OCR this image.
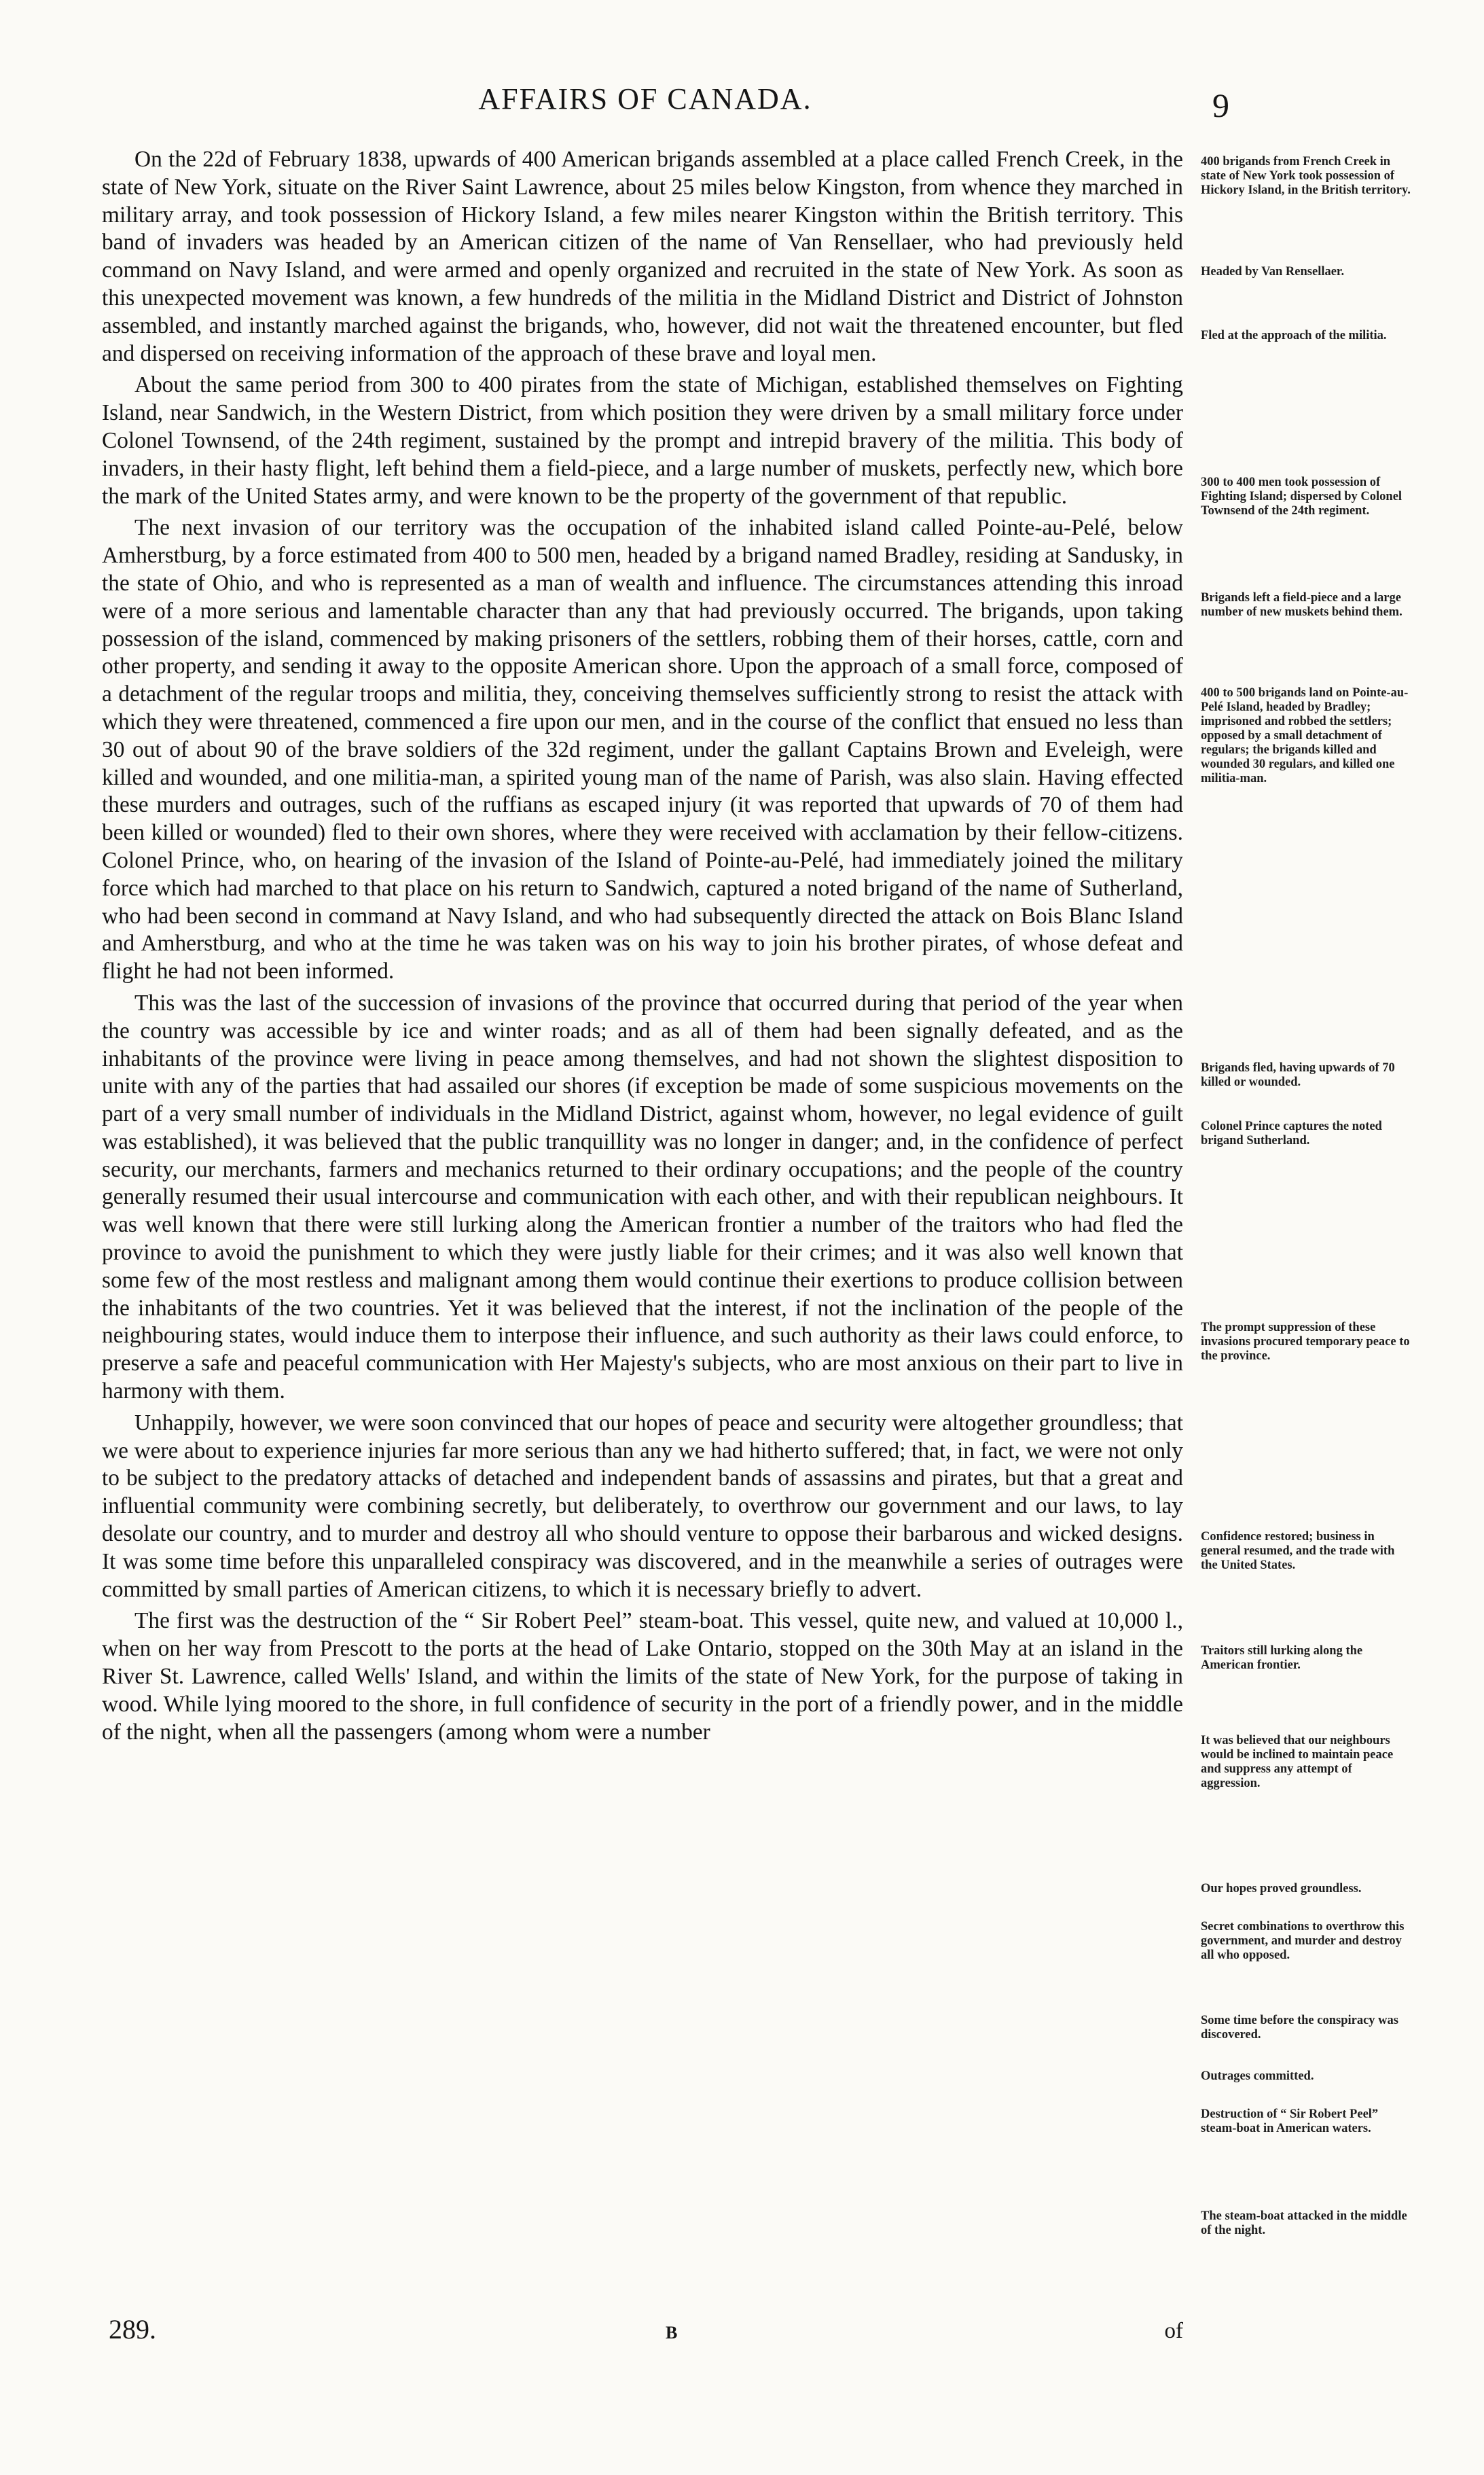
AFFAIRS OF CANADA.	9

On the 22d of February 1838, upwards of 400 American brigands assembled at a place called French Creek, in the state of New York, situate on the River Saint Lawrence, about 25 miles below Kingston, from whence they marched in military array, and took possession of Hickory Island, a few miles nearer Kingston within the British territory. This band of invaders was headed by an American citizen of the name of Van Rensellaer, who had previously held command on Navy Island, and were armed and openly organized and recruited in the state of New York. As soon as this unexpected movement was known, a few hundreds of the militia in the Midland District and District of Johnston assembled, and instantly marched against the brigands, who, however, did not wait the threatened encounter, but fled and dispersed on receiving information of the approach of these brave and loyal men.

About the same period from 300 to 400 pirates from the state of Michigan, established themselves on Fighting Island, near Sandwich, in the Western District, from which position they were driven by a small military force under Colonel Townsend, of the 24th regiment, sustained by the prompt and intrepid bravery of the militia. This body of invaders, in their hasty flight, left behind them a field-piece, and a large number of muskets, perfectly new, which bore the mark of the United States army, and were known to be the property of the government of that republic.

The next invasion of our territory was the occupation of the inhabited island called Pointe-au-Pelé, below Amherstburg, by a force estimated from 400 to 500 men, headed by a brigand named Bradley, residing at Sandusky, in the state of Ohio, and who is represented as a man of wealth and influence. The circumstances attending this inroad were of a more serious and lamentable character than any that had previously occurred. The brigands, upon taking possession of the island, commenced by making prisoners of the settlers, robbing them of their horses, cattle, corn and other property, and sending it away to the opposite American shore. Upon the approach of a small force, composed of a detachment of the regular troops and militia, they, conceiving themselves sufficiently strong to resist the attack with which they were threatened, commenced a fire upon our men, and in the course of the conflict that ensued no less than 30 out of about 90 of the brave soldiers of the 32d regiment, under the gallant Captains Brown and Eveleigh, were killed and wounded, and one militia-man, a spirited young man of the name of Parish, was also slain. Having effected these murders and outrages, such of the ruffians as escaped injury (it was reported that upwards of 70 of them had been killed or wounded) fled to their own shores, where they were received with acclamation by their fellow-citizens. Colonel Prince, who, on hearing of the invasion of the Island of Pointe-au-Pelé, had immediately joined the military force which had marched to that place on his return to Sandwich, captured a noted brigand of the name of Sutherland, who had been second in command at Navy Island, and who had subsequently directed the attack on Bois Blanc Island and Amherstburg, and who at the time he was taken was on his way to join his brother pirates, of whose defeat and flight he had not been informed.

This was the last of the succession of invasions of the province that occurred during that period of the year when the country was accessible by ice and winter roads; and as all of them had been signally defeated, and as the inhabitants of the province were living in peace among themselves, and had not shown the slightest disposition to unite with any of the parties that had assailed our shores (if exception be made of some suspicious movements on the part of a very small number of individuals in the Midland District, against whom, however, no legal evidence of guilt was established), it was believed that the public tranquillity was no longer in danger; and, in the confidence of perfect security, our merchants, farmers and mechanics returned to their ordinary occupations; and the people of the country generally resumed their usual intercourse and communication with each other, and with their republican neighbours. It was well known that there were still lurking along the American frontier a number of the traitors who had fled the province to avoid the punishment to which they were justly liable for their crimes; and it was also well known that some few of the most restless and malignant among them would continue their exertions to produce collision between the inhabitants of the two countries. Yet it was believed that the interest, if not the inclination of the people of the neighbouring states, would induce them to interpose their influence, and such authority as their laws could enforce, to preserve a safe and peaceful communication with Her Majesty's subjects, who are most anxious on their part to live in harmony with them.

Unhappily, however, we were soon convinced that our hopes of peace and security were altogether groundless; that we were about to experience injuries far more serious than any we had hitherto suffered; that, in fact, we were not only to be subject to the predatory attacks of detached and independent bands of assassins and pirates, but that a great and influential community were combining secretly, but deliberately, to overthrow our government and our laws, to lay desolate our country, and to murder and destroy all who should venture to oppose their barbarous and wicked designs. It was some time before this unparalleled conspiracy was discovered, and in the meanwhile a series of outrages were committed by small parties of American citizens, to which it is necessary briefly to advert.

The first was the destruction of the “ Sir Robert Peel” steam-boat. This vessel, quite new, and valued at 10,000 l., when on her way from Prescott to the ports at the head of Lake Ontario, stopped on the 30th May at an island in the River St. Lawrence, called Wells' Island, and within the limits of the state of New York, for the purpose of taking in wood. While lying moored to the shore, in full confidence of security in the port of a friendly power, and in the middle of the night, when all the passengers (among whom were a number

400 brigands from French Creek in state of New York took possession of Hickory Island, in the British territory.
Headed by Van Rensellaer.
Fled at the approach of the militia.
300 to 400 men took possession of Fighting Island; dispersed by Colonel Townsend of the 24th regiment.
Brigands left a field-piece and a large number of new muskets behind them.
400 to 500 brigands land on Pointe-au-Pelé Island, headed by Bradley; imprisoned and robbed the settlers; opposed by a small detachment of regulars; the brigands killed and wounded 30 regulars, and killed one militia-man.
Brigands fled, having upwards of 70 killed or wounded.
Colonel Prince captures the noted brigand Sutherland.
The prompt suppression of these invasions procured temporary peace to the province.
Confidence restored; business in general resumed, and the trade with the United States.
Traitors still lurking along the American frontier.
It was believed that our neighbours would be inclined to maintain peace and suppress any attempt of aggression.
Our hopes proved groundless.
Secret combinations to overthrow this government, and murder and destroy all who opposed.
Some time before the conspiracy was discovered.
Outrages committed.
Destruction of “ Sir Robert Peel” steam-boat in American waters.
The steam-boat attacked in the middle of the night.
289.	B	of
